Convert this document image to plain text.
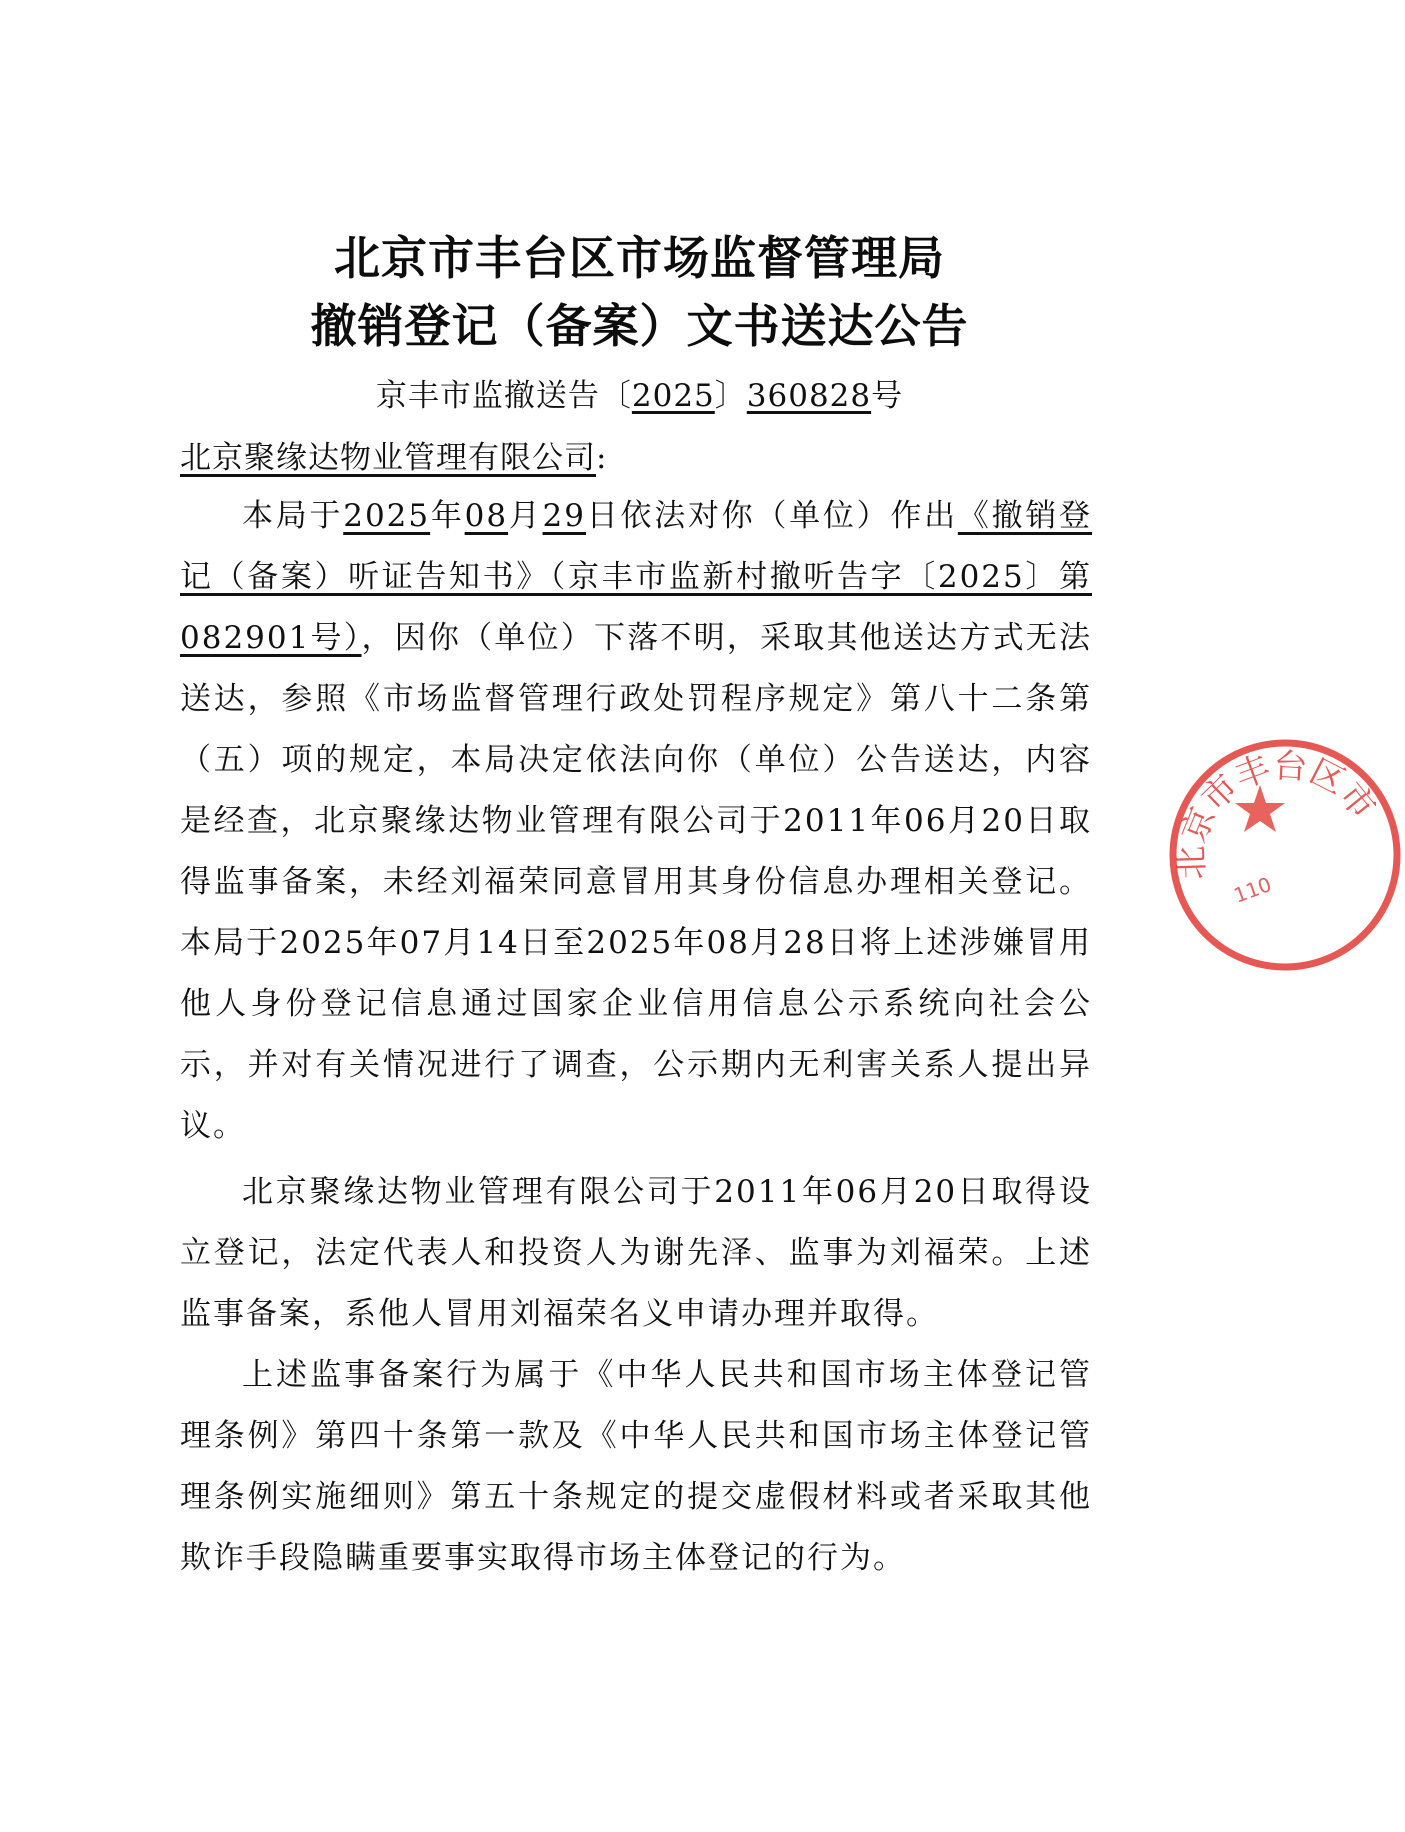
北京市丰台区市场监督管理局
撤销登记（备案）文书送达公告
京丰市监撤送告〔2025〕360828号
北京聚缘达物业管理有限公司:

本局于2025年08月29日依法对你（单位）作出《撤销登记（备案）听证告知书》（京丰市监新村撤听告字〔2025〕第082901号），因你（单位）下落不明，采取其他送达方式无法送达，参照《市场监督管理行政处罚程序规定》第八十二条第（五）项的规定，本局决定依法向你（单位）公告送达，内容是经查，北京聚缘达物业管理有限公司于2011年06月20日取得监事备案，未经刘福荣同意冒用其身份信息办理相关登记。本局于2025年07月14日至2025年08月28日将上述涉嫌冒用他人身份登记信息通过国家企业信用信息公示系统向社会公示，并对有关情况进行了调查，公示期内无利害关系人提出异议。

北京聚缘达物业管理有限公司于2011年06月20日取得设立登记，法定代表人和投资人为谢先泽、监事为刘福荣。上述监事备案，系他人冒用刘福荣名义申请办理并取得。

上述监事备案行为属于《中华人民共和国市场主体登记管理条例》第四十条第一款及《中华人民共和国市场主体登记管理条例实施细则》第五十条规定的提交虚假材料或者采取其他欺诈手段隐瞒重要事实取得市场主体登记的行为。

北京市丰台区市
110
